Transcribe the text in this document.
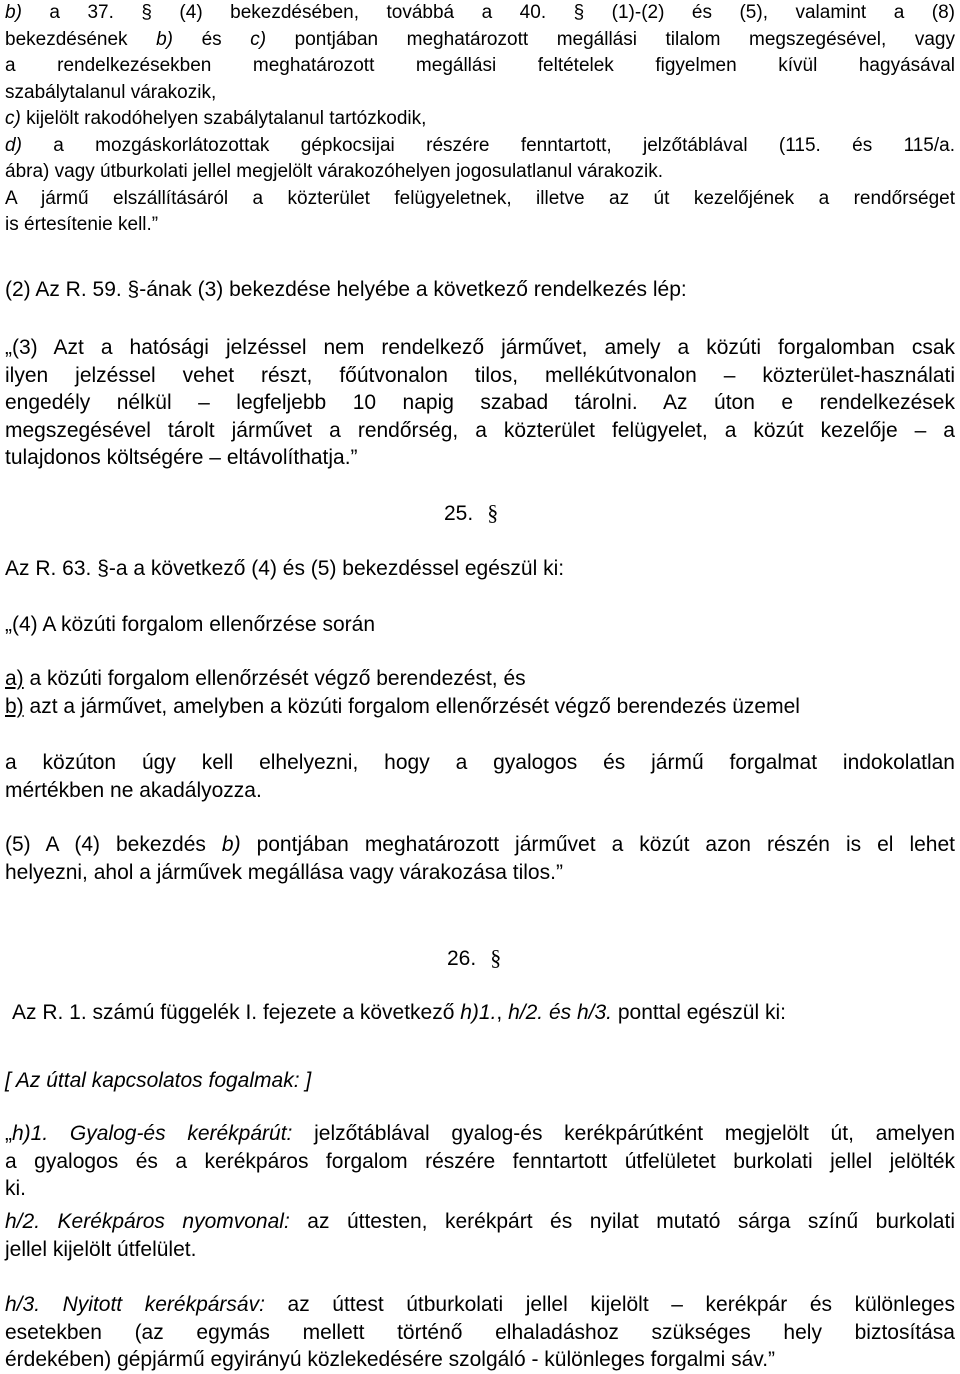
b) a 37. § (4) bekezdésében, továbbá a 40. § (1)-(2) és (5), valamint a (8)
bekezdésének b) és c) pontjában meghatározott megállási tilalom megszegésével, vagy
a rendelkezésekben meghatározott megállási feltételek figyelmen kívül hagyásával
szabálytalanul várakozik,
c) kijelölt rakodóhelyen szabálytalanul tartózkodik,
d) a mozgáskorlátozottak gépkocsijai részére fenntartott, jelzőtáblával (115. és 115/a.
ábra) vagy útburkolati jellel megjelölt várakozóhelyen jogosulatlanul várakozik.
A jármű elszállításáról a közterület felügyeletnek, illetve az út kezelőjének a rendőrséget
is értesítenie kell.”
(2) Az R. 59. §-ának (3) bekezdése helyébe a következő rendelkezés lép:
„(3) Azt a hatósági jelzéssel nem rendelkező járművet, amely a közúti forgalomban csak
ilyen jelzéssel vehet részt, főútvonalon tilos, mellékútvonalon – közterület-használati
engedély nélkül – legfeljebb 10 napig szabad tárolni. Az úton e rendelkezések
megszegésével tárolt járművet a rendőrség, a közterület felügyelet, a közút kezelője – a
tulajdonos költségére – eltávolíthatja.”
25. §
Az R. 63. §-a a következő (4) és (5) bekezdéssel egészül ki:
„(4) A közúti forgalom ellenőrzése során
a) a közúti forgalom ellenőrzését végző berendezést, és
b) azt a járművet, amelyben a közúti forgalom ellenőrzését végző berendezés üzemel
a közúton úgy kell elhelyezni, hogy a gyalogos és jármű forgalmat indokolatlan
mértékben ne akadályozza.
(5) A (4) bekezdés b) pontjában meghatározott járművet a közút azon részén is el lehet
helyezni, ahol a járművek megállása vagy várakozása tilos.”
26. §
Az R. 1. számú függelék I. fejezete a következő h)1., h/2. és h/3. ponttal egészül ki:
[ Az úttal kapcsolatos fogalmak: ]
„h)1. Gyalog-és kerékpárút: jelzőtáblával gyalog-és kerékpárútként megjelölt út, amelyen
a gyalogos és a kerékpáros forgalom részére fenntartott útfelületet burkolati jellel jelölték
ki.
h/2. Kerékpáros nyomvonal: az úttesten, kerékpárt és nyilat mutató sárga színű burkolati
jellel kijelölt útfelület.
h/3. Nyitott kerékpársáv: az úttest útburkolati jellel kijelölt – kerékpár és különleges
esetekben (az egymás mellett történő elhaladáshoz szükséges hely biztosítása
érdekében) gépjármű egyirányú közlekedésére szolgáló - különleges forgalmi sáv.”
